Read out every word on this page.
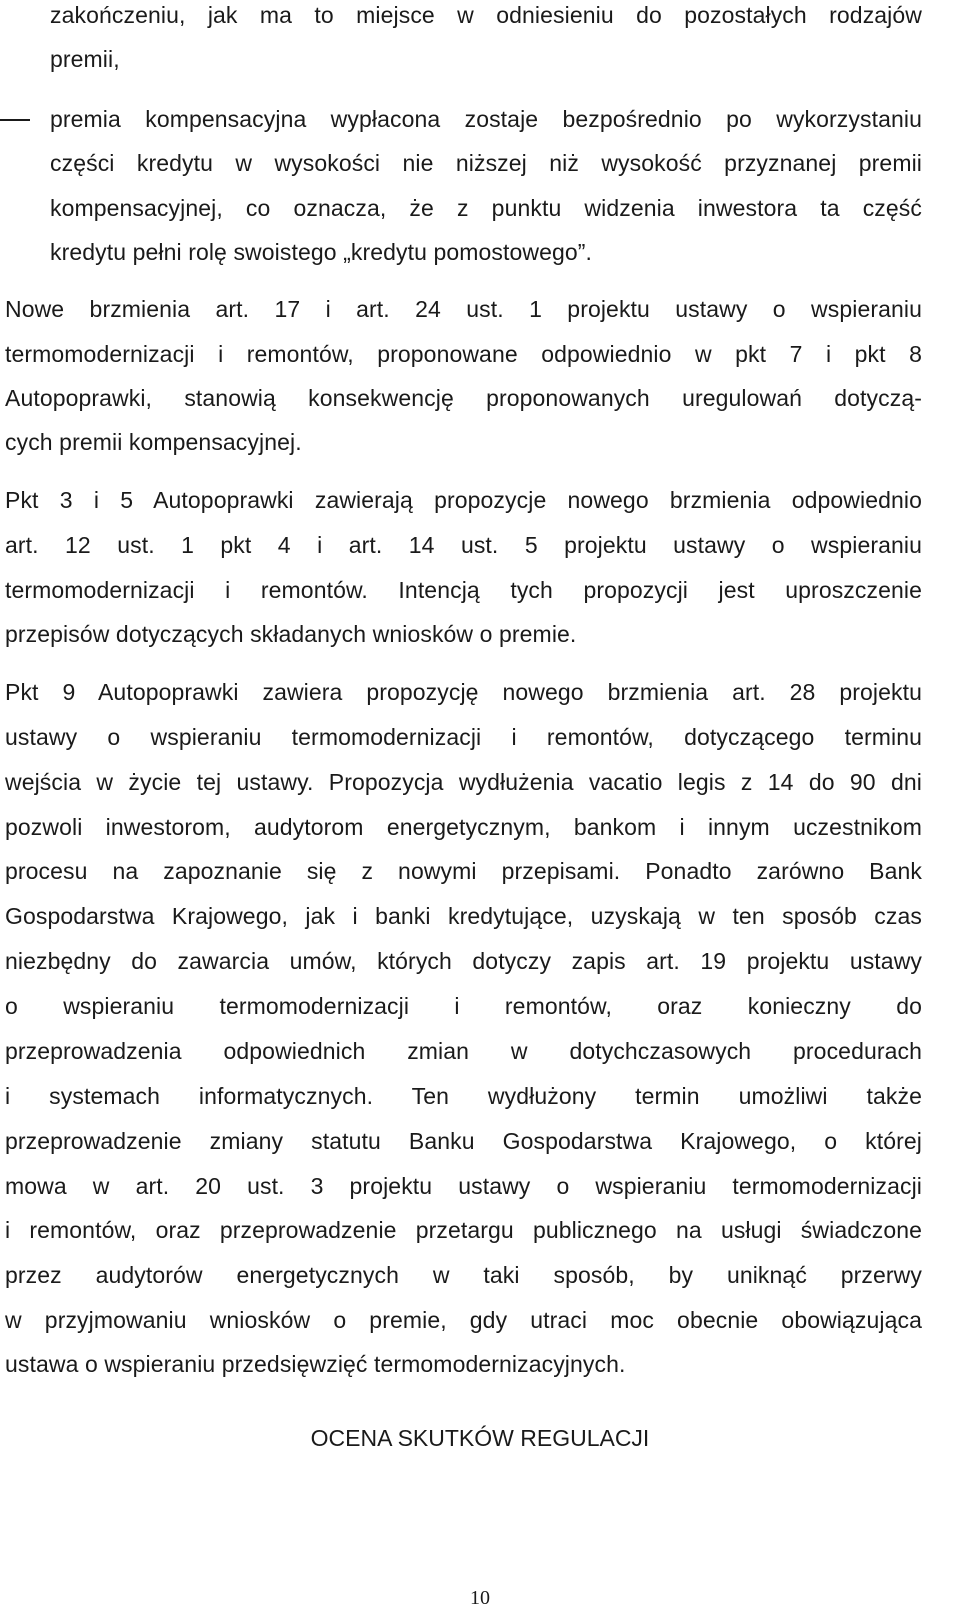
zakończeniu, jak ma to miejsce w odniesieniu do pozostałych rodzajów
premii,
premia kompensacyjna wypłacona zostaje bezpośrednio po wykorzystaniu
części kredytu w wysokości nie niższej niż wysokość przyznanej premii
kompensacyjnej, co oznacza, że z punktu widzenia inwestora ta część
kredytu pełni rolę swoistego „kredytu pomostowego”.
Nowe brzmienia art. 17 i art. 24 ust. 1 projektu ustawy o wspieraniu
termomodernizacji i remontów, proponowane odpowiednio w pkt 7 i pkt 8
Autopoprawki, stanowią konsekwencję proponowanych uregulowań dotyczą-
cych premii kompensacyjnej.
Pkt 3 i 5 Autopoprawki zawierają propozycje nowego brzmienia odpowiednio
art. 12 ust. 1 pkt 4 i art. 14 ust. 5 projektu ustawy o wspieraniu
termomodernizacji i remontów. Intencją tych propozycji jest uproszczenie
przepisów dotyczących składanych wniosków o premie.
Pkt 9 Autopoprawki zawiera propozycję nowego brzmienia art. 28 projektu
ustawy o wspieraniu termomodernizacji i remontów, dotyczącego terminu
wejścia w życie tej ustawy. Propozycja wydłużenia vacatio legis z 14 do 90 dni
pozwoli inwestorom, audytorom energetycznym, bankom i innym uczestnikom
procesu na zapoznanie się z nowymi przepisami. Ponadto zarówno Bank
Gospodarstwa Krajowego, jak i banki kredytujące, uzyskają w ten sposób czas
niezbędny do zawarcia umów, których dotyczy zapis art. 19 projektu ustawy
o wspieraniu termomodernizacji i remontów, oraz konieczny do
przeprowadzenia odpowiednich zmian w dotychczasowych procedurach
i systemach informatycznych. Ten wydłużony termin umożliwi także
przeprowadzenie zmiany statutu Banku Gospodarstwa Krajowego, o której
mowa w art. 20 ust. 3 projektu ustawy o wspieraniu termomodernizacji
i remontów, oraz przeprowadzenie przetargu publicznego na usługi świadczone
przez audytorów energetycznych w taki sposób, by uniknąć przerwy
w przyjmowaniu wniosków o premie, gdy utraci moc obecnie obowiązująca
ustawa o wspieraniu przedsięwzięć termomodernizacyjnych.
OCENA SKUTKÓW REGULACJI
10
